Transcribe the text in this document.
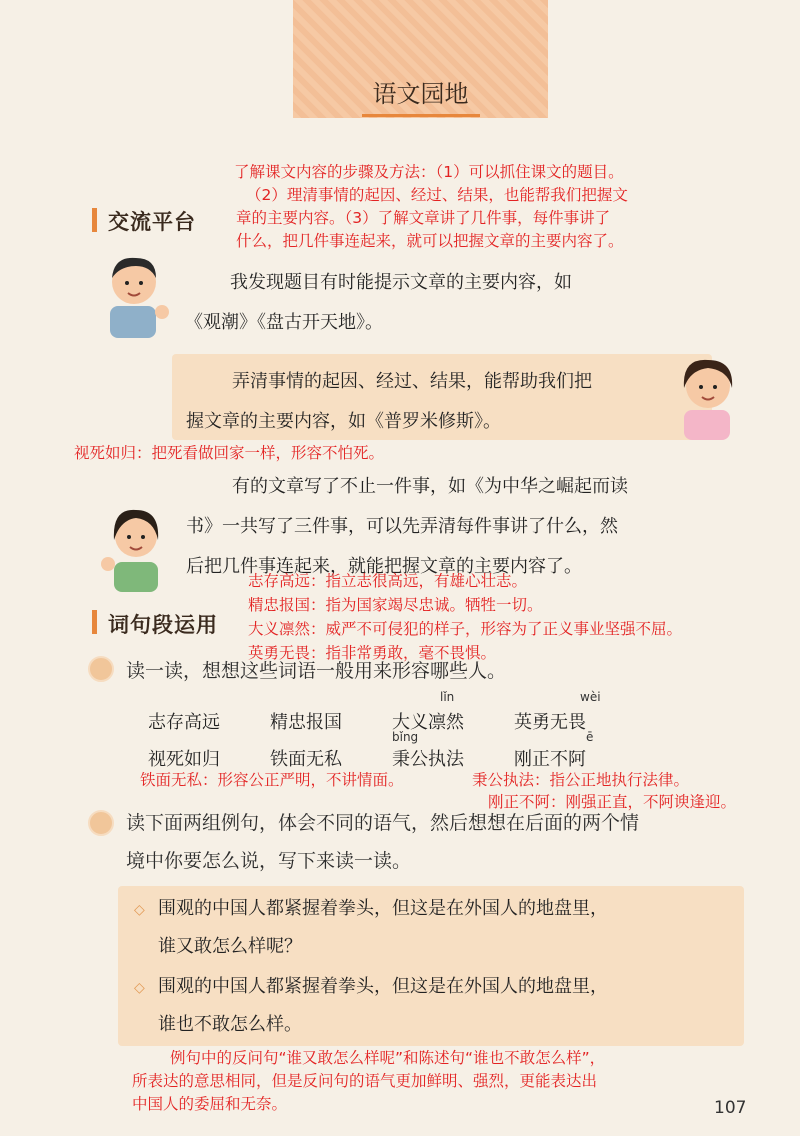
语文园地
了解课文内容的步骤及方法：（1）可以抓住课文的题目。
（2）理清事情的起因、经过、结果，也能帮我们把握文
章的主要内容。（3）了解文章讲了几件事，每件事讲了
什么，把几件事连起来，就可以把握文章的主要内容了。
交流平台
我发现题目有时能提示文章的主要内容，如
《观潮》《盘古开天地》。
弄清事情的起因、经过、结果，能帮助我们把
握文章的主要内容，如《普罗米修斯》。
视死如归：把死看做回家一样，形容不怕死。
有的文章写了不止一件事，如《为中华之崛起而读
书》一共写了三件事，可以先弄清每件事讲了什么，然
后把几件事连起来，就能把握文章的主要内容了。
志存高远：指立志很高远，有雄心壮志。
精忠报国：指为国家竭尽忠诚。牺牲一切。
大义凛然：威严不可侵犯的样子，形容为了正义事业坚强不屈。
英勇无畏：指非常勇敢，毫不畏惧。
词句段运用
读一读，想想这些词语一般用来形容哪些人。
lǐn	wèi
志存高远	精忠报国	大义凛然	英勇无畏
bǐng	ē
视死如归	铁面无私	秉公执法	刚正不阿
铁面无私：形容公正严明，不讲情面。	秉公执法：指公正地执行法律。
刚正不阿：刚强正直，不阿谀逢迎。
读下面两组例句，体会不同的语气，然后想想在后面的两个情
境中你要怎么说，写下来读一读。
◇ 围观的中国人都紧握着拳头，但这是在外国人的地盘里，
谁又敢怎么样呢？
◇ 围观的中国人都紧握着拳头，但这是在外国人的地盘里，
谁也不敢怎么样。
例句中的反问句“谁又敢怎么样呢”和陈述句“谁也不敢怎么样”，
所表达的意思相同，但是反问句的语气更加鲜明、强烈，更能表达出
中国人的委屈和无奈。	107
